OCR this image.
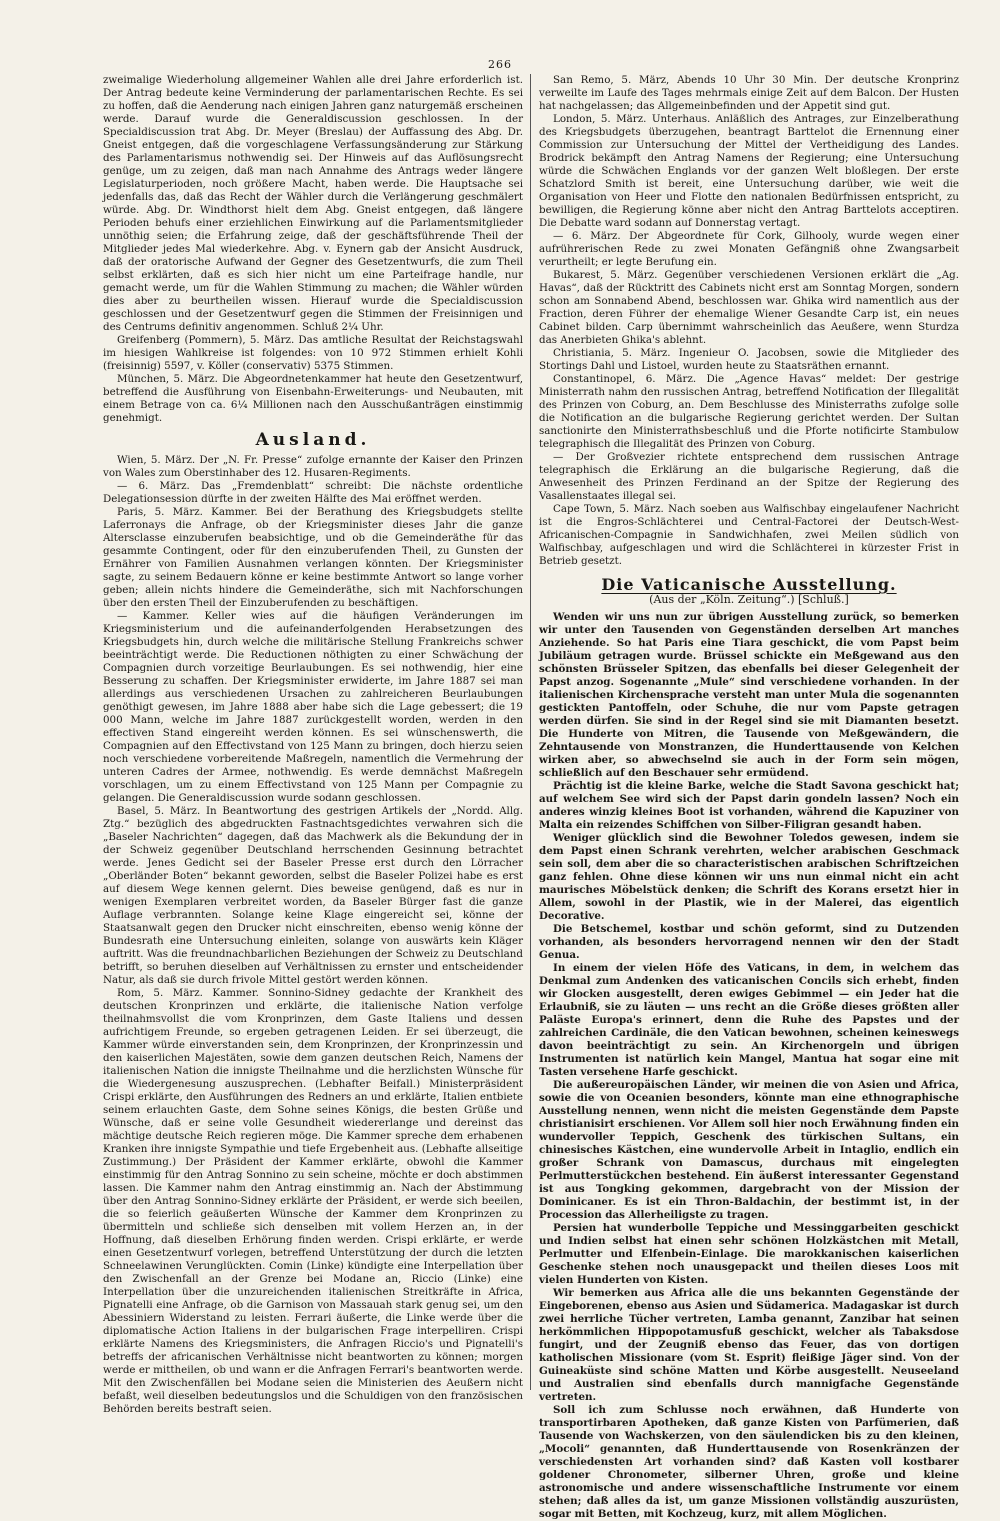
266

zweimalige Wiederholung allgemeiner Wahlen alle drei Jahre erforderlich ist. Der Antrag bedeute keine Verminderung der parlamentarischen Rechte. Es sei zu hoffen, daß die Aenderung nach einigen Jahren ganz naturgemäß erscheinen werde. Darauf wurde die Generaldiscussion geschlossen. In der Specialdiscussion trat Abg. Dr. Meyer (Breslau) der Auffassung des Abg. Dr. Gneist entgegen, daß die vorgeschlagene Verfassungsänderung zur Stärkung des Parlamentarismus nothwendig sei. Der Hinweis auf das Auflösungsrecht genüge, um zu zeigen, daß man nach Annahme des Antrags weder längere Legislaturperioden, noch größere Macht, haben werde. Die Hauptsache sei jedenfalls das, daß das Recht der Wähler durch die Verlängerung geschmälert würde. Abg. Dr. Windthorst hielt dem Abg. Gneist entgegen, daß längere Perioden behufs einer erziehlichen Einwirkung auf die Parlamentsmitglieder unnöthig seien; die Erfahrung zeige, daß der geschäftsführende Theil der Mitglieder jedes Mal wiederkehre. Abg. v. Eynern gab der Ansicht Ausdruck, daß der oratorische Aufwand der Gegner des Gesetzentwurfs, die zum Theil selbst erklärten, daß es sich hier nicht um eine Parteifrage handle, nur gemacht werde, um für die Wahlen Stimmung zu machen; die Wähler würden dies aber zu beurtheilen wissen. Hierauf wurde die Specialdiscussion geschlossen und der Gesetzentwurf gegen die Stimmen der Freisinnigen und des Centrums definitiv angenommen. Schluß 2¼ Uhr.

Greifenberg (Pommern), 5. März. Das amtliche Resultat der Reichstagswahl im hiesigen Wahlkreise ist folgendes: von 10 972 Stimmen erhielt Kohli (freisinnig) 5597, v. Köller (conservativ) 5375 Stimmen.

München, 5. März. Die Abgeordnetenkammer hat heute den Gesetzentwurf, betreffend die Ausführung von Eisenbahn-Erweiterungs- und Neubauten, mit einem Betrage von ca. 6¼ Millionen nach den Ausschußanträgen einstimmig genehmigt.

Ausland.

Wien, 5. März. Der „N. Fr. Presse“ zufolge ernannte der Kaiser den Prinzen von Wales zum Oberstinhaber des 12. Husaren-Regiments.

— 6. März. Das „Fremdenblatt“ schreibt: Die nächste ordentliche Delegationsession dürfte in der zweiten Hälfte des Mai eröffnet werden.

Paris, 5. März. Kammer. Bei der Berathung des Kriegsbudgets stellte Laferronays die Anfrage, ob der Kriegsminister dieses Jahr die ganze Altersclasse einzuberufen beabsichtige, und ob die Gemeinderäthe für das gesammte Contingent, oder für den einzuberufenden Theil, zu Gunsten der Ernährer von Familien Ausnahmen verlangen könnten. Der Kriegsminister sagte, zu seinem Bedauern könne er keine bestimmte Antwort so lange vorher geben; allein nichts hindere die Gemeinderäthe, sich mit Nachforschungen über den ersten Theil der Einzuberufenden zu beschäftigen.

— Kammer. Keller wies auf die häufigen Veränderungen im Kriegsministerium und die aufeinanderfolgenden Herabsetzungen des Kriegsbudgets hin, durch welche die militärische Stellung Frankreichs schwer beeinträchtigt werde. Die Reductionen nöthigten zu einer Schwächung der Compagnien durch vorzeitige Beurlaubungen. Es sei nothwendig, hier eine Besserung zu schaffen. Der Kriegsminister erwiderte, im Jahre 1887 sei man allerdings aus verschiedenen Ursachen zu zahlreicheren Beurlaubungen genöthigt gewesen, im Jahre 1888 aber habe sich die Lage gebessert; die 19 000 Mann, welche im Jahre 1887 zurückgestellt worden, werden in den effectiven Stand eingereiht werden können. Es sei wünschenswerth, die Compagnien auf den Effectivstand von 125 Mann zu bringen, doch hierzu seien noch verschiedene vorbereitende Maßregeln, namentlich die Vermehrung der unteren Cadres der Armee, nothwendig. Es werde demnächst Maßregeln vorschlagen, um zu einem Effectivstand von 125 Mann per Compagnie zu gelangen. Die Generaldiscussion wurde sodann geschlossen.

Basel, 5. März. In Beantwortung des gestrigen Artikels der „Nordd. Allg. Ztg.“ bezüglich des abgedruckten Fastnachtsgedichtes verwahren sich die „Baseler Nachrichten“ dagegen, daß das Machwerk als die Bekundung der in der Schweiz gegenüber Deutschland herrschenden Gesinnung betrachtet werde. Jenes Gedicht sei der Baseler Presse erst durch den Lörracher „Oberländer Boten“ bekannt geworden, selbst die Baseler Polizei habe es erst auf diesem Wege kennen gelernt. Dies beweise genügend, daß es nur in wenigen Exemplaren verbreitet worden, da Baseler Bürger fast die ganze Auflage verbrannten. Solange keine Klage eingereicht sei, könne der Staatsanwalt gegen den Drucker nicht einschreiten, ebenso wenig könne der Bundesrath eine Untersuchung einleiten, solange von auswärts kein Kläger auftritt. Was die freundnachbarlichen Beziehungen der Schweiz zu Deutschland betrifft, so beruhen dieselben auf Verhältnissen zu ernster und entscheidender Natur, als daß sie durch frivole Mittel gestört werden können.

Rom, 5. März. Kammer. Sonnino-Sidney gedachte der Krankheit des deutschen Kronprinzen und erklärte, die italienische Nation verfolge theilnahmsvollst die vom Kronprinzen, dem Gaste Italiens und dessen aufrichtigem Freunde, so ergeben getragenen Leiden. Er sei überzeugt, die Kammer würde einverstanden sein, dem Kronprinzen, der Kronprinzessin und den kaiserlichen Majestäten, sowie dem ganzen deutschen Reich, Namens der italienischen Nation die innigste Theilnahme und die herzlichsten Wünsche für die Wiedergenesung auszusprechen. (Lebhafter Beifall.) Ministerpräsident Crispi erklärte, den Ausführungen des Redners an und erklärte, Italien entbiete seinem erlauchten Gaste, dem Sohne seines Königs, die besten Grüße und Wünsche, daß er seine volle Gesundheit wiedererlange und dereinst das mächtige deutsche Reich regieren möge. Die Kammer spreche dem erhabenen Kranken ihre innigste Sympathie und tiefe Ergebenheit aus. (Lebhafte allseitige Zustimmung.) Der Präsident der Kammer erklärte, obwohl die Kammer einstimmig für den Antrag Sonnino zu sein scheine, möchte er doch abstimmen lassen. Die Kammer nahm den Antrag einstimmig an. Nach der Abstimmung über den Antrag Sonnino-Sidney erklärte der Präsident, er werde sich beeilen, die so feierlich geäußerten Wünsche der Kammer dem Kronprinzen zu übermitteln und schließe sich denselben mit vollem Herzen an, in der Hoffnung, daß dieselben Erhörung finden werden. Crispi erklärte, er werde einen Gesetzentwurf vorlegen, betreffend Unterstützung der durch die letzten Schneelawinen Verunglückten. Comin (Linke) kündigte eine Interpellation über den Zwischenfall an der Grenze bei Modane an, Riccio (Linke) eine Interpellation über die unzureichenden italienischen Streitkräfte in Africa, Pignatelli eine Anfrage, ob die Garnison von Massauah stark genug sei, um den Abessiniern Widerstand zu leisten. Ferrari äußerte, die Linke werde über die diplomatische Action Italiens in der bulgarischen Frage interpelliren. Crispi erklärte Namens des Kriegsministers, die Anfragen Riccio's und Pignatelli's betreffs der africanischen Verhältnisse nicht beantworten zu können; morgen werde er mittheilen, ob und wann er die Anfragen Ferrari's beantworten werde. Mit den Zwischenfällen bei Modane seien die Ministerien des Aeußern nicht befaßt, weil dieselben bedeutungslos und die Schuldigen von den französischen Behörden bereits bestraft seien.

San Remo, 5. März, Abends 10 Uhr 30 Min. Der deutsche Kronprinz verweilte im Laufe des Tages mehrmals einige Zeit auf dem Balcon. Der Husten hat nachgelassen; das Allgemeinbefinden und der Appetit sind gut.

London, 5. März. Unterhaus. Anläßlich des Antrages, zur Einzelberathung des Kriegsbudgets überzugehen, beantragt Barttelot die Ernennung einer Commission zur Untersuchung der Mittel der Vertheidigung des Landes. Brodrick bekämpft den Antrag Namens der Regierung; eine Untersuchung würde die Schwächen Englands vor der ganzen Welt bloßlegen. Der erste Schatzlord Smith ist bereit, eine Untersuchung darüber, wie weit die Organisation von Heer und Flotte den nationalen Bedürfnissen entspricht, zu bewilligen, die Regierung könne aber nicht den Antrag Barttelots acceptiren. Die Debatte ward sodann auf Donnerstag vertagt.

— 6. März. Der Abgeordnete für Cork, Gilhooly, wurde wegen einer aufrührerischen Rede zu zwei Monaten Gefängniß ohne Zwangsarbeit verurtheilt; er legte Berufung ein.

Bukarest, 5. März. Gegenüber verschiedenen Versionen erklärt die „Ag. Havas“, daß der Rücktritt des Cabinets nicht erst am Sonntag Morgen, sondern schon am Sonnabend Abend, beschlossen war. Ghika wird namentlich aus der Fraction, deren Führer der ehemalige Wiener Gesandte Carp ist, ein neues Cabinet bilden. Carp übernimmt wahrscheinlich das Aeußere, wenn Sturdza das Anerbieten Ghika's ablehnt.

Christiania, 5. März. Ingenieur O. Jacobsen, sowie die Mitglieder des Stortings Dahl und Listoel, wurden heute zu Staatsräthen ernannt.

Constantinopel, 6. März. Die „Agence Havas“ meldet: Der gestrige Ministerrath nahm den russischen Antrag, betreffend Notification der Illegalität des Prinzen von Coburg, an. Dem Beschlusse des Ministerraths zufolge solle die Notification an die bulgarische Regierung gerichtet werden. Der Sultan sanctionirte den Ministerrathsbeschluß und die Pforte notificirte Stambulow telegraphisch die Illegalität des Prinzen von Coburg.

— Der Großvezier richtete entsprechend dem russischen Antrage telegraphisch die Erklärung an die bulgarische Regierung, daß die Anwesenheit des Prinzen Ferdinand an der Spitze der Regierung des Vasallenstaates illegal sei.

Cape Town, 5. März. Nach soeben aus Walfischbay eingelaufener Nachricht ist die Engros-Schlächterei und Central-Factorei der Deutsch-West-Africanischen-Compagnie in Sandwichhafen, zwei Meilen südlich von Walfischbay, aufgeschlagen und wird die Schlächterei in kürzester Frist in Betrieb gesetzt.

Die Vaticanische Ausstellung.
(Aus der „Köln. Zeitung“.) [Schluß.]

Wenden wir uns nun zur übrigen Ausstellung zurück, so bemerken wir unter den Tausenden von Gegenständen derselben Art manches Anziehende. So hat Paris eine Tiara geschickt, die vom Papst beim Jubiläum getragen wurde. Brüssel schickte ein Meßgewand aus den schönsten Brüsseler Spitzen, das ebenfalls bei dieser Gelegenheit der Papst anzog. Sogenannte „Mule“ sind verschiedene vorhanden. In der italienischen Kirchensprache versteht man unter Mula die sogenannten gestickten Pantoffeln, oder Schuhe, die nur vom Papste getragen werden dürfen. Sie sind in der Regel sind sie mit Diamanten besetzt. Die Hunderte von Mitren, die Tausende von Meßgewändern, die Zehntausende von Monstranzen, die Hunderttausende von Kelchen wirken aber, so abwechselnd sie auch in der Form sein mögen, schließlich auf den Beschauer sehr ermüdend.

Prächtig ist die kleine Barke, welche die Stadt Savona geschickt hat; auf welchem See wird sich der Papst darin gondeln lassen? Noch ein anderes winzig kleines Boot ist vorhanden, während die Kapuziner von Malta ein reizendes Schiffchen von Silber-Filigran gesandt haben.

Weniger glücklich sind die Bewohner Toledos gewesen, indem sie dem Papst einen Schrank verehrten, welcher arabischen Geschmack sein soll, dem aber die so characteristischen arabischen Schriftzeichen ganz fehlen. Ohne diese können wir uns nun einmal nicht ein acht maurisches Möbelstück denken; die Schrift des Korans ersetzt hier in Allem, sowohl in der Plastik, wie in der Malerei, das eigentlich Decorative.

Die Betschemel, kostbar und schön geformt, sind zu Dutzenden vorhanden, als besonders hervorragend nennen wir den der Stadt Genua.

In einem der vielen Höfe des Vaticans, in dem, in welchem das Denkmal zum Andenken des vaticanischen Concils sich erhebt, finden wir Glocken ausgestellt, deren ewiges Gebimmel — ein Jeder hat die Erlaubniß, sie zu läuten — uns recht an die Größe dieses größten aller Paläste Europa's erinnert, denn die Ruhe des Papstes und der zahlreichen Cardinäle, die den Vatican bewohnen, scheinen keineswegs davon beeinträchtigt zu sein. An Kirchenorgeln und übrigen Instrumenten ist natürlich kein Mangel, Mantua hat sogar eine mit Tasten versehene Harfe geschickt.

Die außereuropäischen Länder, wir meinen die von Asien und Africa, sowie die von Oceanien besonders, könnte man eine ethnographische Ausstellung nennen, wenn nicht die meisten Gegenstände dem Papste christianisirt erschienen. Vor Allem soll hier noch Erwähnung finden ein wundervoller Teppich, Geschenk des türkischen Sultans, ein chinesisches Kästchen, eine wundervolle Arbeit in Intaglio, endlich ein großer Schrank von Damascus, durchaus mit eingelegten Perlmutterstückchen bestehend. Ein äußerst interessanter Gegenstand ist aus Tongking gekommen, dargebracht von der Mission der Dominicaner. Es ist ein Thron-Baldachin, der bestimmt ist, in der Procession das Allerheiligste zu tragen.

Persien hat wunderbolle Teppiche und Messinggarbeiten geschickt und Indien selbst hat einen sehr schönen Holzkästchen mit Metall, Perlmutter und Elfenbein-Einlage. Die marokkanischen kaiserlichen Geschenke stehen noch unausgepackt und theilen dieses Loos mit vielen Hunderten von Kisten.

Wir bemerken aus Africa alle die uns bekannten Gegenstände der Eingeborenen, ebenso aus Asien und Südamerica. Madagaskar ist durch zwei herrliche Tücher vertreten, Lamba genannt, Zanzibar hat seinen herkömmlichen Hippopotamusfuß geschickt, welcher als Tabaksdose fungirt, und der Zeugniß ebenso das Feuer, das von dortigen katholischen Missionare (vom St. Esprit) fleißige Jäger sind. Von der Guineaküste sind schöne Matten und Körbe ausgestellt. Neuseeland und Australien sind ebenfalls durch mannigfache Gegenstände vertreten.

Soll ich zum Schlusse noch erwähnen, daß Hunderte von transportirbaren Apotheken, daß ganze Kisten von Parfümerien, daß Tausende von Wachskerzen, von den säulendicken bis zu den kleinen, „Mocoli“ genannten, daß Hunderttausende von Rosenkränzen der verschiedensten Art vorhanden sind? daß Kasten voll kostbarer goldener Chronometer, silberner Uhren, große und kleine astronomische und andere wissenschaftliche Instrumente vor einem stehen; daß alles da ist, um ganze Missionen vollständig auszurüsten, sogar mit Betten, mit Kochzeug, kurz, mit allem Möglichen.
